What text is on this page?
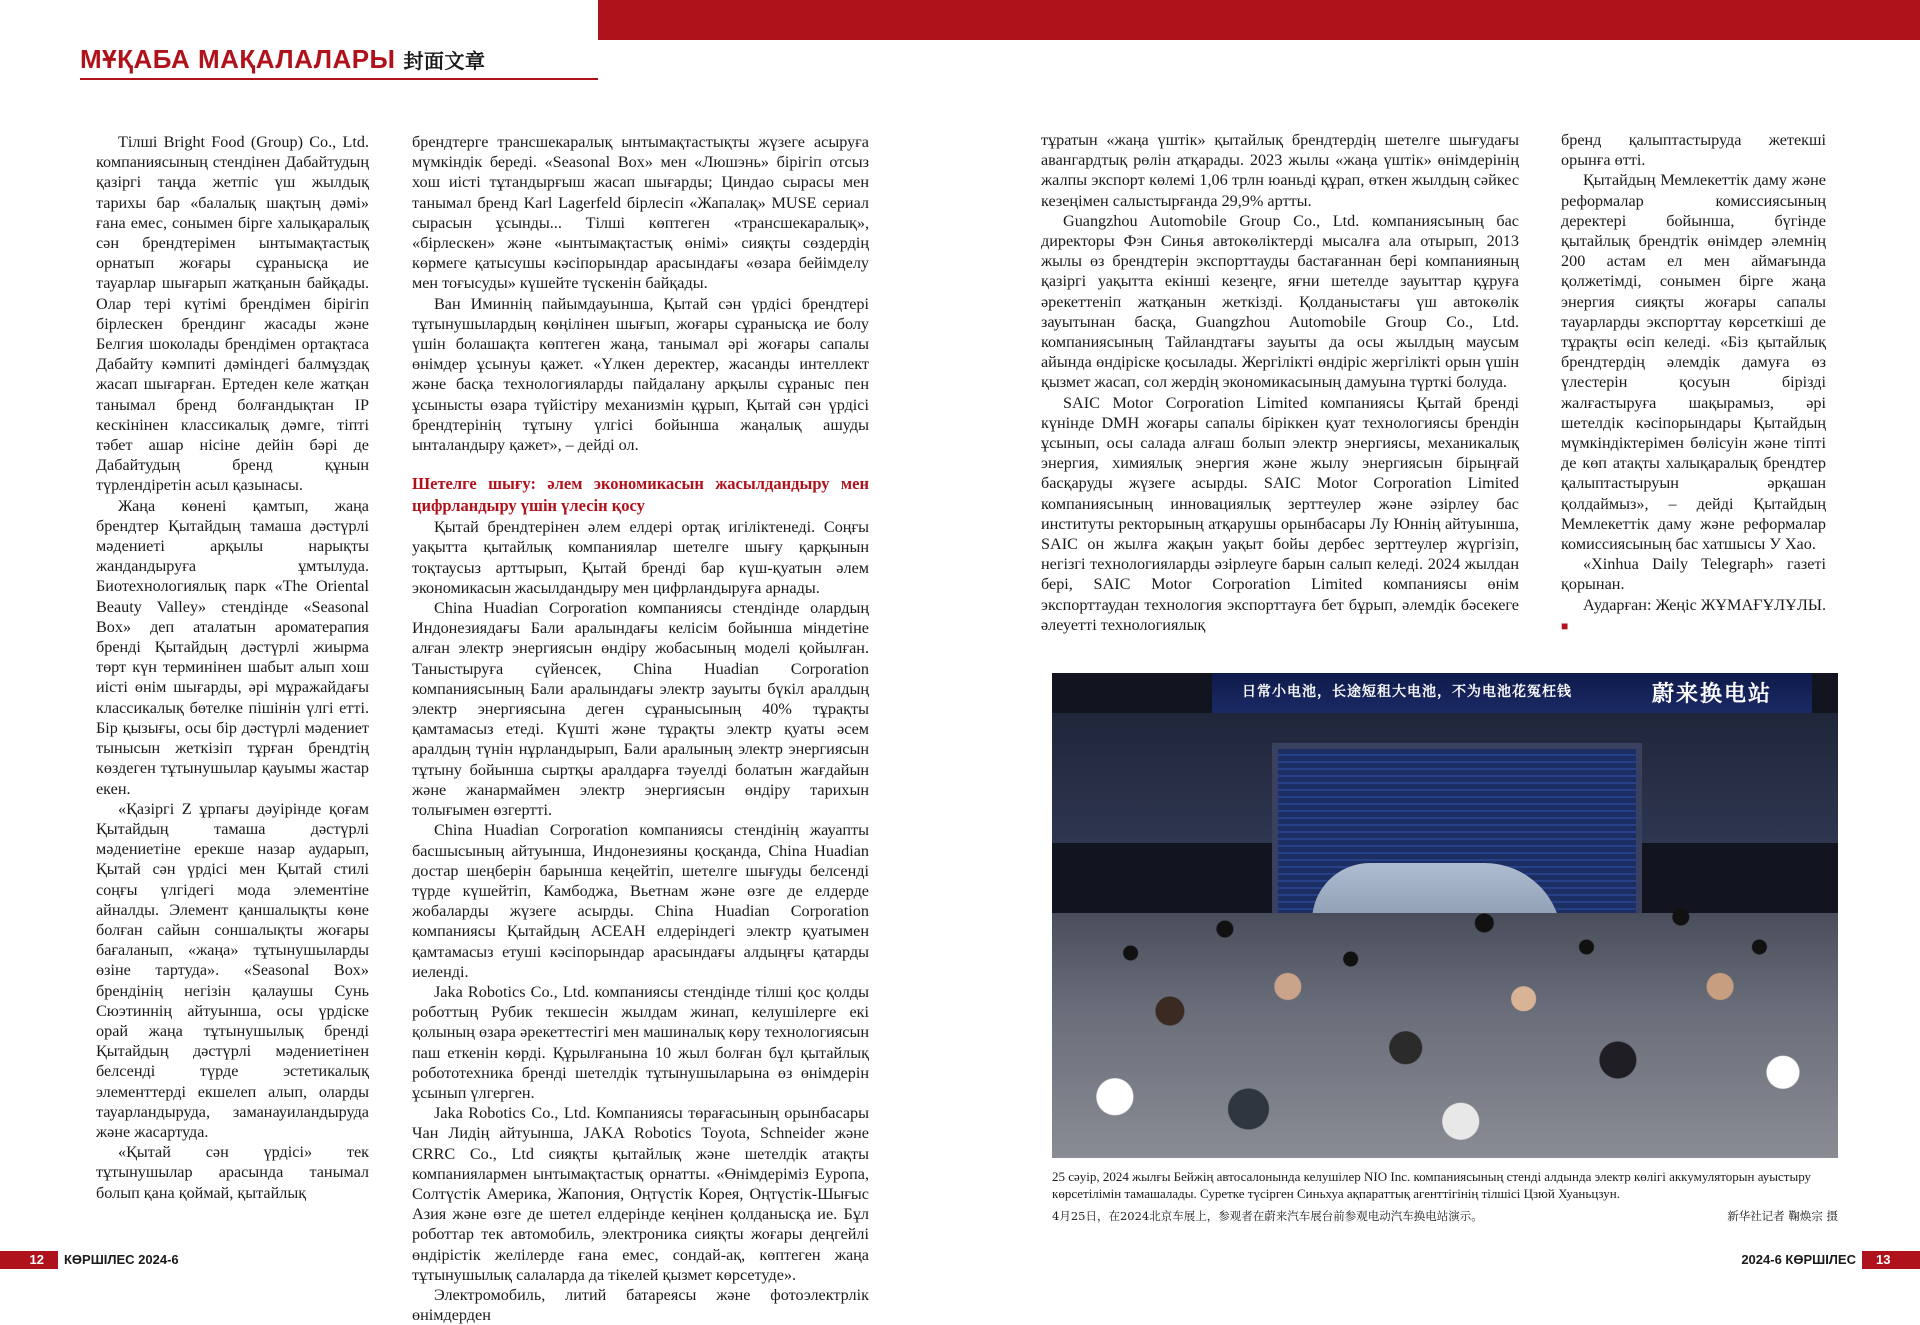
МҰҚАБА МАҚАЛАЛАРЫ 封面文章

Тілші Bright Food (Group) Co., Ltd. компаниясының стендінен Дабайтудың қазіргі таңда жетпіс үш жылдық тарихы бар «балалық шақтың дәмі» ғана емес, сонымен бірге халықаралық сән брендтерімен ынтымақтастық орнатып жоғары сұранысқа ие тауарлар шығарып жатқанын байқады. Олар тері күтімі брендімен бірігіп бірлескен брендинг жасады және Белгия шоколады брендімен ортақтаса Дабайту кәмпиті дәміндегі балмұздақ жасап шығарған. Ертеден келе жатқан танымал бренд болғандықтан IP кескінінен классикалық дәмге, тіпті тәбет ашар нісіне дейін бәрі де Дабайтудың бренд құнын түрлендіретін асыл қазынасы.

Жаңа көнені қамтып, жаңа брендтер Қытайдың тамаша дәстүрлі мәдениеті арқылы нарықты жандандыруға ұмтылуда. Биотехнологиялық парк «The Oriental Beauty Valley» стендінде «Seasonal Box» деп аталатын ароматерапия бренді Қытайдың дәстүрлі жиырма төрт күн терминінен шабыт алып хош иісті өнім шығарды, әрі мұражайдағы классикалық бөтелке пішінін үлгі етті. Бір қызығы, осы бір дәстүрлі мәдениет тынысын жеткізіп тұрған брендтің көздеген тұтынушылар қауымы жастар екен.

«Қазіргі Z ұрпағы дәуірінде қоғам Қытайдың тамаша дәстүрлі мәдениетіне ерекше назар аударып, Қытай сән үрдісі мен Қытай стилі соңғы үлгідегі мода элементіне айналды. Элемент қаншалықты көне болған сайын соншалықты жоғары бағаланып, «жаңа» тұтынушыларды өзіне тартуда». «Seasonal Box» брендінің негізін қалаушы Сунь Сюэтиннің айтуынша, осы үрдіске орай жаңа тұтынушылық бренді Қытайдың дәстүрлі мәдениетінен белсенді түрде эстетикалық элементтерді екшелеп алып, оларды тауарландыруда, заманауиландыруда және жасартуда.

«Қытай сән үрдісі» тек тұтынушылар арасында танымал болып қана қоймай, қытайлық

брендтерге трансшекаралық ынтымақтастықты жүзеге асыруға мүмкіндік береді. «Seasonal Box» мен «Люшэнь» бірігіп отсыз хош иісті тұтандырғыш жасап шығарды; Циндао сырасы мен танымал бренд Karl Lagerfeld бірлесіп «Жапалақ» MUSE сериал сырасын ұсынды... Тілші көптеген «трансшекаралық», «бірлескен» және «ынтымақтастық өнімі» сияқты сөздердің көрмеге қатысушы кәсіпорындар арасындағы «өзара бейімделу мен тоғысуды» күшейте түскенін байқады.

Ван Иминнің пайымдауынша, Қытай сән үрдісі брендтері тұтынушылардың көңілінен шығып, жоғары сұранысқа ие болу үшін болашақта көптеген жаңа, танымал әрі жоғары сапалы өнімдер ұсынуы қажет. «Үлкен деректер, жасанды интеллект және басқа технологияларды пайдалану арқылы сұраныс пен ұсынысты өзара түйістіру механизмін құрып, Қытай сән үрдісі брендтерінің тұтыну үлгісі бойынша жаңалық ашуды ынталандыру қажет», – дейді ол.

Шетелге шығу: әлем экономикасын жасылдандыру мен цифрландыру үшін үлесін қосу

Қытай брендтерінен әлем елдері ортақ игіліктенеді. Соңғы уақытта қытайлық компаниялар шетелге шығу қарқынын тоқтаусыз арттырып, Қытай бренді бар күш-қуатын әлем экономикасын жасылдандыру мен цифрландыруға арнады.

China Huadian Corporation компаниясы стендінде олардың Индонезиядағы Бали аралындағы келісім бойынша міндетіне алған электр энергиясын өндіру жобасының моделі қойылған. Таныстыруға сүйенсек, China Huadian Corporation компаниясының Бали аралындағы электр зауыты бүкіл аралдың электр энергиясына деген сұранысының 40% тұрақты қамтамасыз етеді. Күшті және тұрақты электр қуаты әсем аралдың түнін нұрландырып, Бали аралының электр энергиясын тұтыну бойынша сыртқы аралдарға тәуелді болатын жағдайын және жанармаймен электр энергиясын өндіру тарихын толығымен өзгертті.

China Huadian Corporation компаниясы стендінің жауапты басшысының айтуынша, Индонезияны қосқанда, China Huadian достар шеңберін барынша кеңейтіп, шетелге шығуды белсенді түрде күшейтіп, Камбоджа, Вьетнам және өзге де елдерде жобаларды жүзеге асырды. China Huadian Corporation компаниясы Қытайдың АСЕАН елдеріндегі электр қуатымен қамтамасыз етуші кәсіпорындар арасындағы алдыңғы қатарды иеленді.

Jaka Robotics Co., Ltd. компаниясы стендінде тілші қос қолды роботтың Рубик текшесін жылдам жинап, келушілерге екі қолының өзара әрекеттестігі мен машиналық көру технологиясын паш еткенін көрді. Құрылғанына 10 жыл болған бұл қытайлық робототехника бренді шетелдік тұтынушыларына өз өнімдерін ұсынып үлгерген.

Jaka Robotics Co., Ltd. Компаниясы төрағасының орынбасары Чан Лидің айтуынша, JAKA Robotics Toyota, Schneider және CRRC Co., Ltd сияқты қытайлық және шетелдік атақты компаниялармен ынтымақтастық орнатты. «Өнімдеріміз Еуропа, Солтүстік Америка, Жапония, Оңтүстік Корея, Оңтүстік-Шығыс Азия және өзге де шетел елдерінде кеңінен қолданысқа ие. Бұл роботтар тек автомобиль, электроника сияқты жоғары деңгейлі өндірістік желілерде ғана емес, сондай-ақ, көптеген жаңа тұтынушылық салаларда да тікелей қызмет көрсетуде».

Электромобиль, литий батареясы және фотоэлектрлік өнімдерден

тұратын «жаңа үштік» қытайлық брендтердің шетелге шығудағы авангардтық рөлін атқарады. 2023 жылы «жаңа үштік» өнімдерінің жалпы экспорт көлемі 1,06 трлн юаньді құрап, өткен жылдың сәйкес кезеңімен салыстырғанда 29,9% артты.

Guangzhou Automobile Group Co., Ltd. компаниясының бас директоры Фэн Синья автокөліктерді мысалға ала отырып, 2013 жылы өз брендтерін экспорттауды бастағаннан бері компанияның қазіргі уақытта екінші кезеңге, яғни шетелде зауыттар құруға әрекеттеніп жатқанын жеткізді. Қолданыстағы үш автокөлік зауытынан басқа, Guangzhou Automobile Group Co., Ltd. компаниясының Тайландтағы зауыты да осы жылдың маусым айында өндіріске қосылады. Жергілікті өндіріс жергілікті орын үшін қызмет жасап, сол жердің экономикасының дамуына түрткі болуда.

SAIC Motor Corporation Limited компаниясы Қытай бренді күнінде DMH жоғары сапалы біріккен қуат технологиясы брендін ұсынып, осы салада алғаш болып электр энергиясы, механикалық энергия, химиялық энергия және жылу энергиясын бірыңғай басқаруды жүзеге асырды. SAIC Motor Corporation Limited компаниясының инновациялық зерттеулер және әзірлеу бас институты ректорының атқарушы орынбасары Лу Юннің айтуынша, SAIC он жылға жақын уақыт бойы дербес зерттеулер жүргізіп, негізгі технологияларды әзірлеуге барын салып келеді. 2024 жылдан бері, SAIC Motor Corporation Limited компаниясы өнім экспорттаудан технология экспорттауға бет бұрып, әлемдік бәсекеге әлеуетті технологиялық

бренд қалыптастыруда жетекші орынға өтті.

Қытайдың Мемлекеттік даму және реформалар комиссиясының деректері бойынша, бүгінде қытайлық брендтік өнімдер әлемнің 200 астам ел мен аймағында қолжетімді, сонымен бірге жаңа энергия сияқты жоғары сапалы тауарларды экспорттау көрсеткіші де тұрақты өсіп келеді. «Біз қытайлық брендтердің әлемдік дамуға өз үлестерін қосуын біріздi жалғастыруға шақырамыз, әрі шетелдік кәсіпорындары Қытайдың мүмкіндіктерімен бөлісуін және тіпті де көп атақты халықаралық брендтер қалыптастыруын әрқашан қолдаймыз», – дейді Қытайдың Мемлекеттік даму және реформалар комиссиясының бас хатшысы У Хао.

«Xinhua Daily Telegraph» газеті қорынан.

Аударған: Жеңіс ЖҰМАҒҰЛҰЛЫ. ■

日常小电池，长途短租大电池，不为电池花冤枉钱	蔚来换电站
25 сәуір, 2024 жылғы Бейжің автосалонында келушілер NIO Inc. компаниясының стенді алдында электр көлігі аккумуляторын ауыстыру көрсетілімін тамашалады. Суретке түсірген Синьхуа ақпараттық агенттігінің тілшісі Цзюй Хуаньцзун.
4月25日，在2024北京车展上，参观者在蔚来汽车展台前参观电动汽车换电站演示。	新华社记者 鞠焕宗 摄
12 КӨРШІЛЕС 2024-6	2024-6 КӨРШІЛЕС 13
